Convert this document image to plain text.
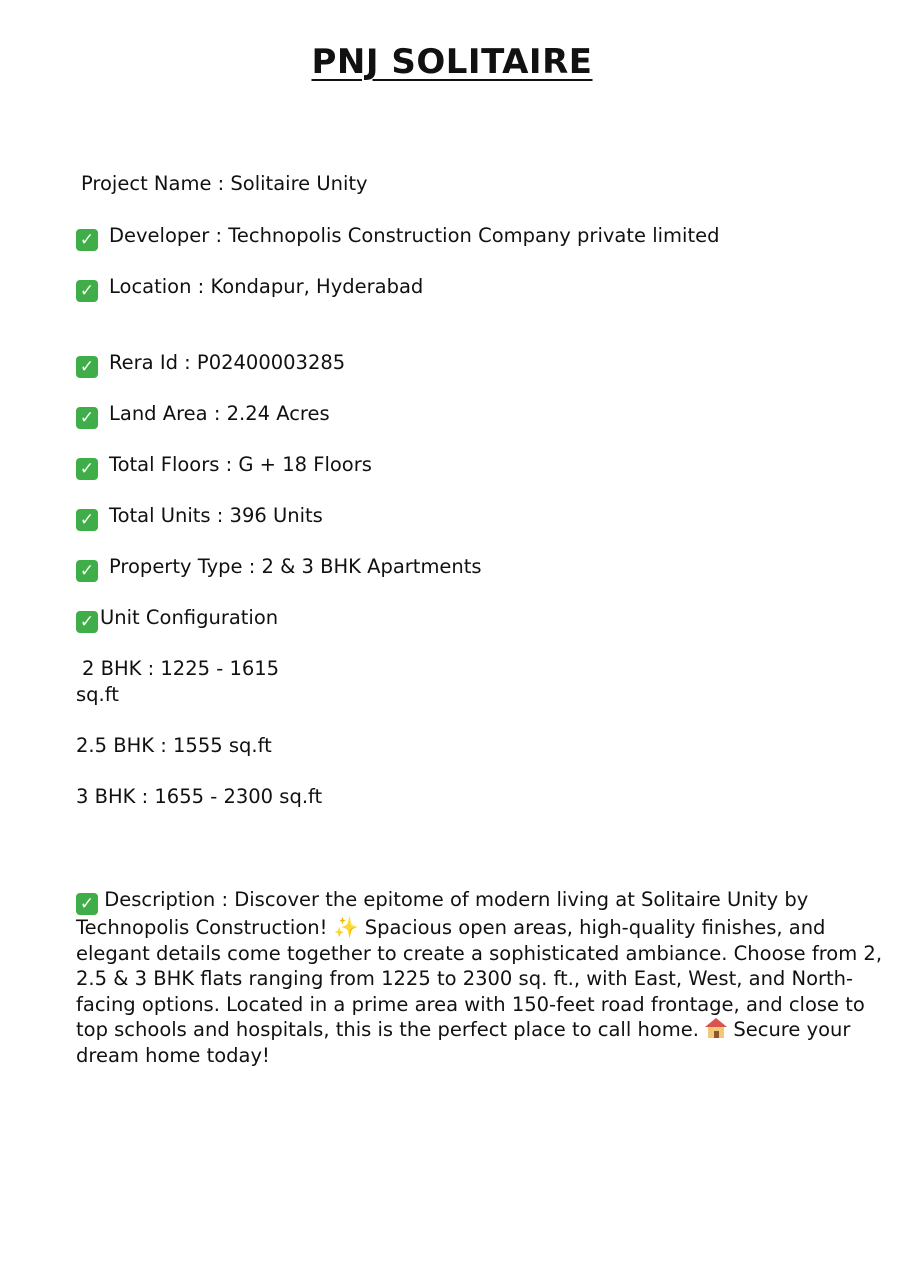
PNJ SOLITAIRE
Project Name : Solitaire Unity
✓ Developer : Technopolis Construction Company private limited
✓ Location : Kondapur, Hyderabad
✓ Rera Id : P02400003285
✓ Land Area : 2.24 Acres
✓ Total Floors : G + 18 Floors
✓ Total Units : 396 Units
✓ Property Type : 2 & 3 BHK Apartments
✓ Unit Configuration
2 BHK : 1225 - 1615
sq.ft
2.5 BHK : 1555 sq.ft
3 BHK : 1655 - 2300 sq.ft
✓ Description : Discover the epitome of modern living at Solitaire Unity by Technopolis Construction! ✨ Spacious open areas, high-quality finishes, and elegant details come together to create a sophisticated ambiance. Choose from 2, 2.5 & 3 BHK flats ranging from 1225 to 2300 sq. ft., with East, West, and North-facing options. Located in a prime area with 150-feet road frontage, and close to top schools and hospitals, this is the perfect place to call home. Secure your dream home today!
